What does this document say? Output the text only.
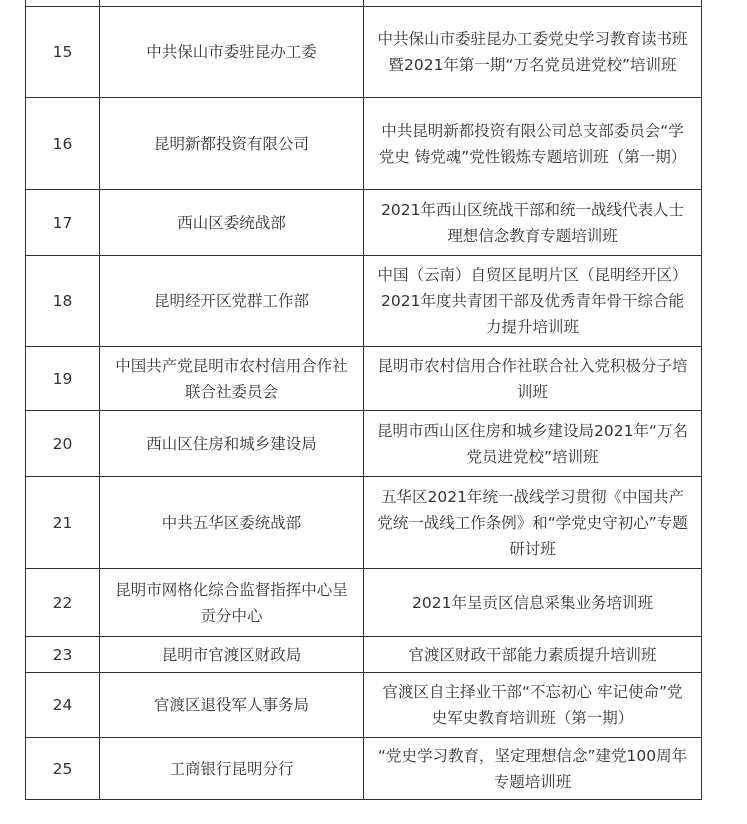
15	中共保山市委驻昆办工委	中共保山市委驻昆办工委党史学习教育读书班暨2021年第一期“万名党员进党校”培训班
16	昆明新都投资有限公司	中共昆明新都投资有限公司总支部委员会“学党史 铸党魂”党性锻炼专题培训班（第一期）
17	西山区委统战部	2021年西山区统战干部和统一战线代表人士理想信念教育专题培训班
18	昆明经开区党群工作部	中国（云南）自贸区昆明片区（昆明经开区）2021年度共青团干部及优秀青年骨干综合能力提升培训班
19	中国共产党昆明市农村信用合作社联合社委员会	昆明市农村信用合作社联合社入党积极分子培训班
20	西山区住房和城乡建设局	昆明市西山区住房和城乡建设局2021年“万名党员进党校”培训班
21	中共五华区委统战部	五华区2021年统一战线学习贯彻《中国共产党统一战线工作条例》和“学党史守初心”专题研讨班
22	昆明市网格化综合监督指挥中心呈贡分中心	2021年呈贡区信息采集业务培训班
23	昆明市官渡区财政局	官渡区财政干部能力素质提升培训班
24	官渡区退役军人事务局	官渡区自主择业干部“不忘初心 牢记使命”党史军史教育培训班（第一期）
25	工商银行昆明分行	“党史学习教育，坚定理想信念”建党100周年专题培训班
